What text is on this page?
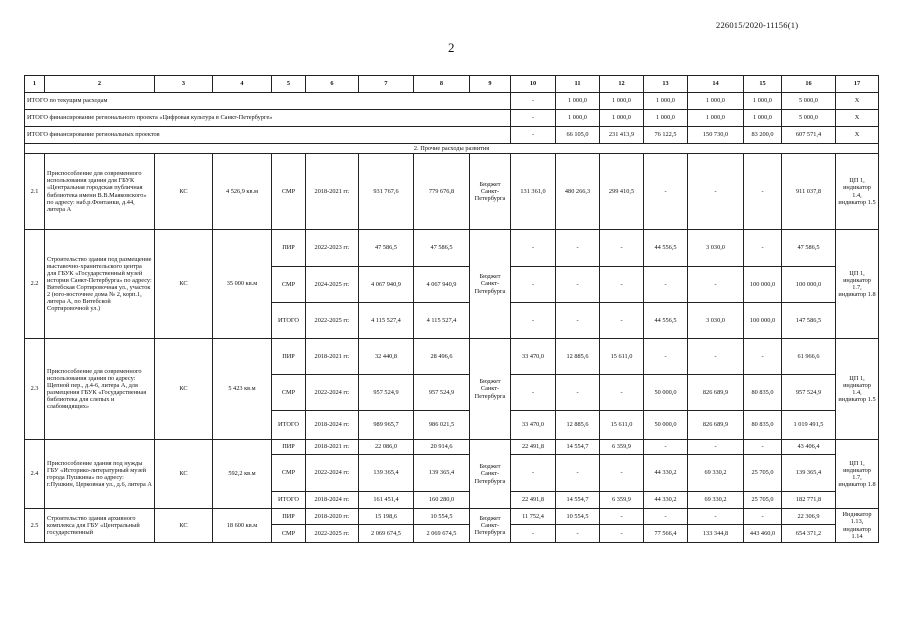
226015/2020-11156(1)
2
1	2	3	4	5	6	7	8	9	10	11	12	13	14	15	16	17
ИТОГО по текущим расходам									-	1 000,0	1 000,0	1 000,0	1 000,0	1 000,0	5 000,0	X
ИТОГО финансирование регионального проекта «Цифровая культура в Санкт-Петербурге»									-	1 000,0	1 000,0	1 000,0	1 000,0	1 000,0	5 000,0	X
ИТОГО финансирование региональных проектов									-	66 105,0	231 413,9	76 122,5	150 730,0	83 200,0	607 571,4	X
2. Прочие расходы развития																
2.1	Приспособление для современного использования здания для ГБУК «Центральная городская публичная библиотека имени В.В.Маяковского» по адресу: наб.р.Фонтанки, д.44, литера А	КС	4 526,9 кв.м	СМР	2018-2021 гг.	931 767,6	779 676,8	Бюджет Санкт-Петербурга	131 361,0	480 266,3	299 410,5	-	-	-	911 037,8	ЦП 1, индикатор 1.4, индикатор 1.5
2.2	Строительство здания под размещение выставочно-хранительского центра для ГБУК «Государственный музей истории Санкт-Петербурга» по адресу: Витебская Сортировочная ул., участок 2 (юго-восточнее дома № 2, корп.1, литера А, по Витебской Сортировочной ул.)	КС	35 000 кв.м	ПИР	2022-2023 гг.	47 586,5	47 586,5	Бюджет Санкт-Петербурга	-	-	-	44 556,5	3 030,0	-	47 586,5	ЦП 1, индикатор 1.7, индикатор 1.8
				СМР	2024-2025 гг.	4 067 940,9	4 067 940,9		-	-	-	-	-	100 000,0	100 000,0	
				ИТОГО	2022-2025 гг.	4 115 527,4	4 115 527,4		-	-	-	44 556,5	3 030,0	100 000,0	147 586,5	
2.3	Приспособление для современного использования здания по адресу: Щепной пер., д.4-6, литера А, для размещения ГБУК «Государственная библиотека для слепых и слабовидящих»	КС	5 423 кв.м	ПИР	2018-2021 гг.	32 440,8	28 496,6	Бюджет Санкт-Петербурга	33 470,0	12 885,6	15 611,0	-	-	-	61 966,6	ЦП 1, индикатор 1.4, индикатор 1.5
				СМР	2022-2024 гг.	957 524,9	957 524,9		-	-	-	50 000,0	826 689,9	80 835,0	957 524,9	
				ИТОГО	2018-2024 гг.	989 965,7	986 021,5		33 470,0	12 885,6	15 611,0	50 000,0	826 689,9	80 835,0	1 019 491,5	
2.4	Приспособление здания под нужды ГБУ «Историко-литературный музей города Пушкина» по адресу: г.Пушкин, Церковная ул., д.6, литера А	КС	592,2 кв.м	ПИР	2018-2021 гг.	22 086,0	20 914,6	Бюджет Санкт-Петербурга	22 491,8	14 554,7	6 359,9	-	-	-	43 406,4	ЦП 1, индикатор 1.7, индикатор 1.8
				СМР	2022-2024 гг.	139 365,4	139 365,4		-	-	-	44 330,2	69 330,2	25 705,0	139 365,4	
				ИТОГО	2018-2024 гг.	161 451,4	160 280,0		22 491,8	14 554,7	6 359,9	44 330,2	69 330,2	25 705,0	182 771,8	
2.5	Строительство здания архивного комплекса для ГБУ «Центральный государственный	КС	18 600 кв.м	ПИР	2018-2020 гг.	15 198,6	10 554,5	Бюджет Санкт-Петербурга	11 752,4	10 554,5	-	-	-	-	22 306,9	Индикатор 1.13, индикатор 1.14
				СМР	2022-2025 гг.	2 069 674,5	2 069 674,5		-	-	-	77 566,4	133 344,8	443 460,0	654 371,2	
